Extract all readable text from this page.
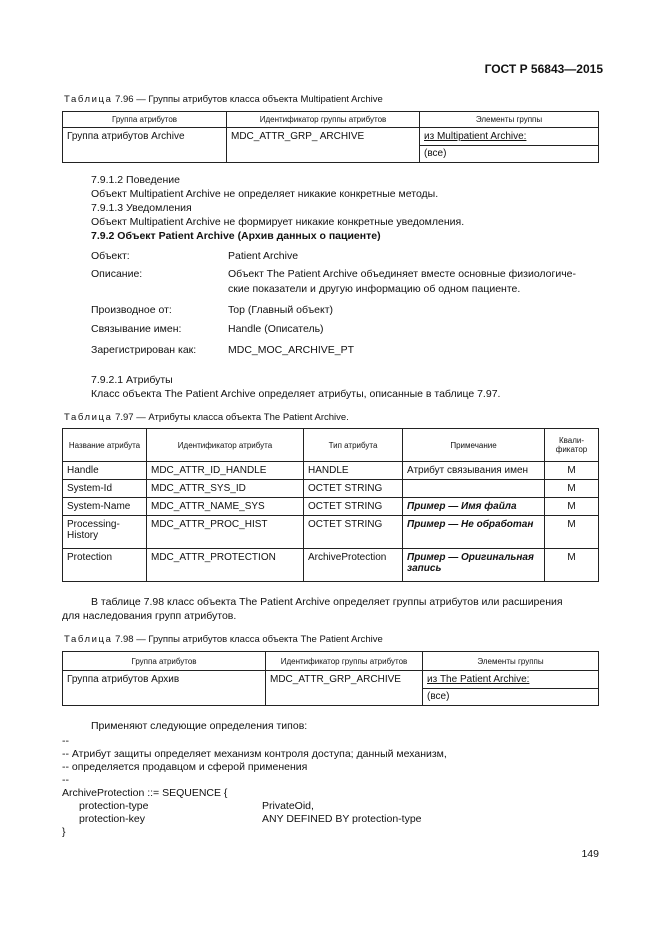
ГОСТ Р 56843—2015
Таблица 7.96 — Группы атрибутов класса объекта Multipatient Archive
Группа атрибутов	Идентификатор группы атрибутов	Элементы группы
Группа атрибутов Archive	MDC_ATTR_GRP_ ARCHIVE	из Multipatient Archive:
(все)
7.9.1.2 Поведение
Объект Multipatient Archive не определяет никакие конкретные методы.
7.9.1.3 Уведомления
Объект Multipatient Archive не формирует никакие конкретные уведомления.
7.9.2 Объект Patient Archive (Архив данных о пациенте)
Объект:	Patient Archive
Описание:	Объект The Patient Archive объединяет вместе основные физиологиче-
ские показатели и другую информацию об одном пациенте.
Производное от:	Top (Главный объект)
Связывание имен:	Handle (Описатель)
Зарегистрирован как:	MDC_MOC_ARCHIVE_PT
7.9.2.1 Атрибуты
Класс объекта The Patient Archive определяет атрибуты, описанные в таблице 7.97.
Таблица 7.97 — Атрибуты класса объекта The Patient Archive.
Название атрибута	Идентификатор атрибута	Тип атрибута	Примечание	Квали-фикатор
Handle	MDC_ATTR_ID_HANDLE	HANDLE	Атрибут связывания имен	M
System-Id	MDC_ATTR_SYS_ID	OCTET STRING		M
System-Name	MDC_ATTR_NAME_SYS	OCTET STRING	Пример — Имя файла	M
Processing-History	MDC_ATTR_PROC_HIST	OCTET STRING	Пример — Не обработан	M
Protection	MDC_ATTR_PROTECTION	ArchiveProtection	Пример — Оригинальная запись	M
В таблице 7.98 класс объекта The Patient Archive определяет группы атрибутов или расширения
для наследования групп атрибутов.
Таблица 7.98 — Группы атрибутов класса объекта The Patient Archive
Группа атрибутов	Идентификатор группы атрибутов	Элементы группы
Группа атрибутов Архив	MDC_ATTR_GRP_ARCHIVE	из The Patient Archive:
(все)
Применяют следующие определения типов:
--
-- Атрибут защиты определяет механизм контроля доступа; данный механизм,
-- определяется продавцом и сферой применения
--
ArchiveProtection ::= SEQUENCE {
protection-type	PrivateOid,
protection-key	ANY DEFINED BY protection-type
}
149
